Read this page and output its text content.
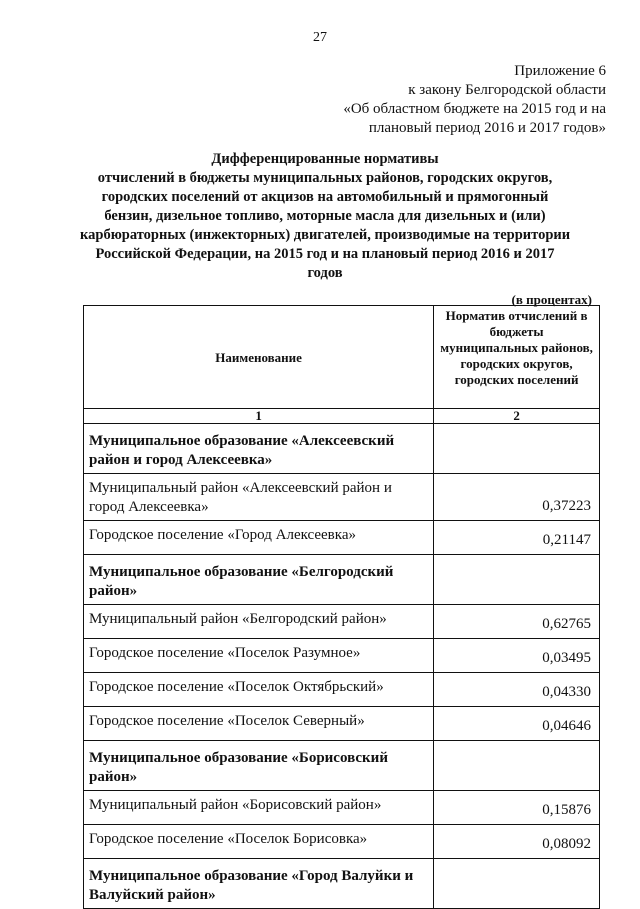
27
Приложение 6
к закону Белгородской области
«Об областном бюджете на 2015 год и на
плановый период 2016 и 2017 годов»
Дифференцированные нормативы
отчислений в бюджеты муниципальных районов, городских округов,
городских поселений от акцизов на автомобильный и прямогонный
бензин, дизельное топливо, моторные масла для дизельных и (или)
карбюраторных (инжекторных) двигателей, производимые на территории
Российской Федерации, на 2015 год и на плановый период 2016 и 2017
годов
(в процентах)
Наименование	Норматив отчислений в бюджеты муниципальных районов, городских округов, городских поселений
1	2
Муниципальное образование «Алексеевский район и город Алексеевка»	
Муниципальный район «Алексеевский район и город Алексеевка»	0,37223
Городское поселение «Город Алексеевка»	0,21147
Муниципальное образование «Белгородский район»	
Муниципальный район «Белгородский район»	0,62765
Городское поселение «Поселок Разумное»	0,03495
Городское поселение «Поселок Октябрьский»	0,04330
Городское поселение «Поселок Северный»	0,04646
Муниципальное образование «Борисовский район»	
Муниципальный район «Борисовский район»	0,15876
Городское поселение «Поселок Борисовка»	0,08092
Муниципальное образование «Город Валуйки и Валуйский район»	
